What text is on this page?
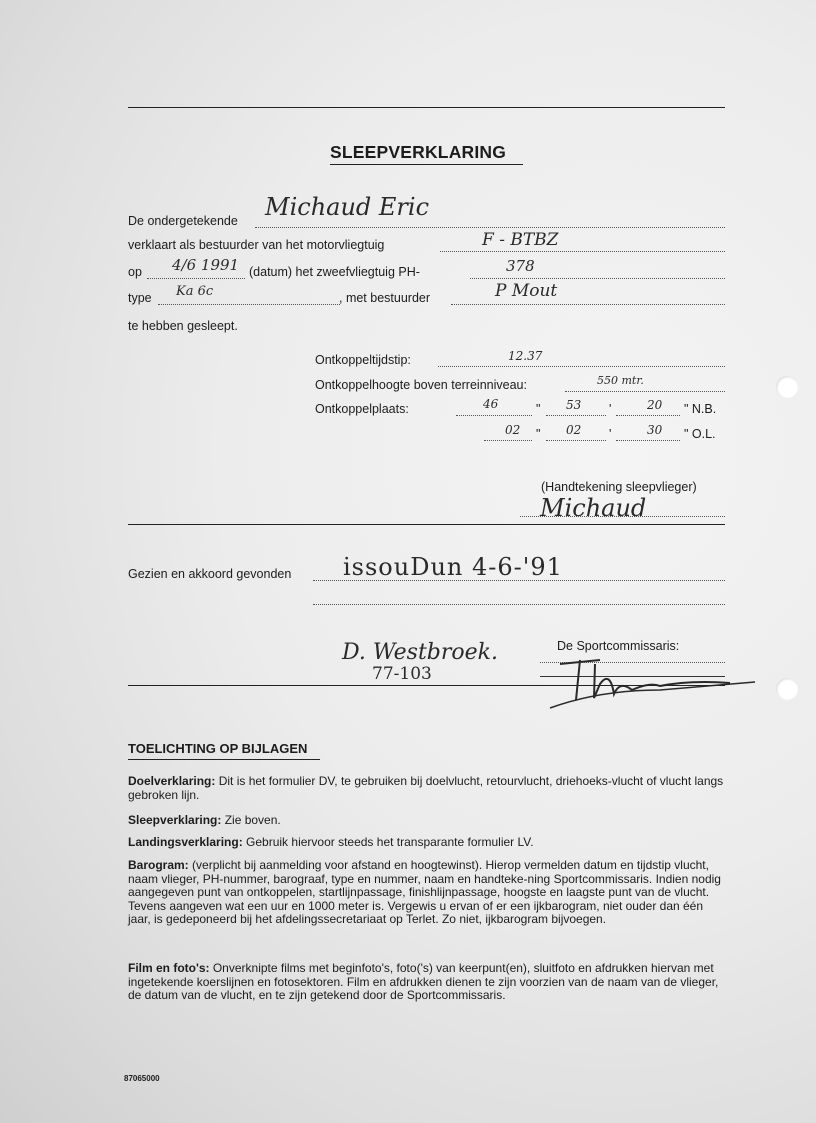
SLEEPVERKLARING
De ondergetekende Michaud Eric
verklaart als bestuurder van het motorvliegtuig	F - BTBZ
op 4/6 1991 (datum) het zweefvliegtuig PH-	378
type Ka 6c	, met bestuurder	P Mout
te hebben gesleept.
Ontkoppeltijdstip:	12.37
Ontkoppelhoogte boven terreinniveau:	550 mtr.
Ontkoppelplaats:	46	" 53 '	20 " N.B.
02 " 02 '	30 " O.L.
(Handtekening sleepvlieger)
Michaud
Gezien en akkoord gevonden issouDun 4-6-'91
D. Westbroek.
77-103
De Sportcommissaris:
TOELICHTING OP BIJLAGEN
Doelverklaring: Dit is het formulier DV, te gebruiken bij doelvlucht, retourvlucht, driehoeks-vlucht of vlucht langs gebroken lijn.
Sleepverklaring: Zie boven.
Landingsverklaring: Gebruik hiervoor steeds het transparante formulier LV.
Barogram: (verplicht bij aanmelding voor afstand en hoogtewinst). Hierop vermelden datum en tijdstip vlucht, naam vlieger, PH-nummer, barograaf, type en nummer, naam en handteke-ning Sportcommissaris. Indien nodig aangegeven punt van ontkoppelen, startlijnpassage, finishlijnpassage, hoogste en laagste punt van de vlucht. Tevens aangeven wat een uur en 1000 meter is. Vergewis u ervan of er een ijkbarogram, niet ouder dan één jaar, is gedeponeerd bij het afdelingssecretariaat op Terlet. Zo niet, ijkbarogram bijvoegen.
Film en foto's: Onverknipte films met beginfoto's, foto('s) van keerpunt(en), sluitfoto en afdrukken hiervan met ingetekende koerslijnen en fotosektoren. Film en afdrukken dienen te zijn voorzien van de naam van de vlieger, de datum van de vlucht, en te zijn getekend door de Sportcommissaris.
87065000
